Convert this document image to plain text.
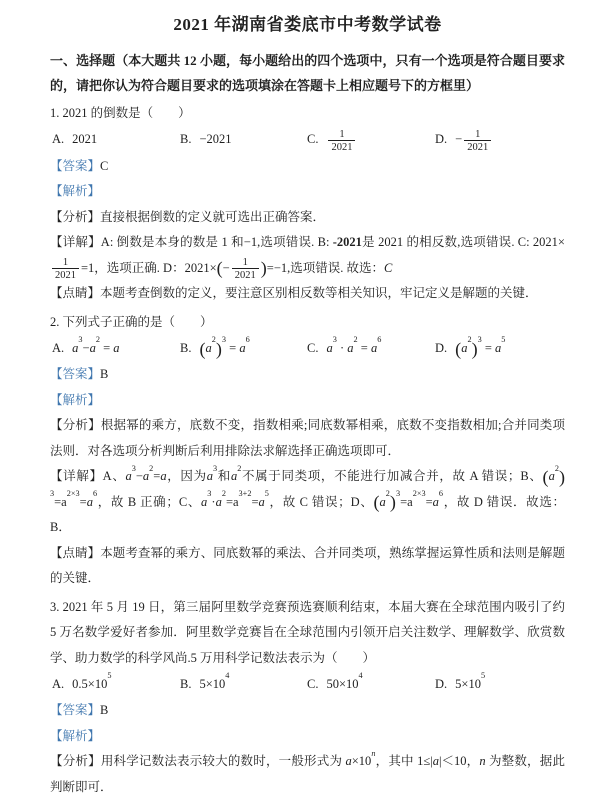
2021 年湖南省娄底市中考数学试卷

一、选择题（本大题共 12 小题，每小题给出的四个选项中，只有一个选项是符合题目要求的，请把你认为符合题目要求的选项填涂在答题卡上相应题号下的方框里）

1. 2021 的倒数是（　　）

A. 2021	B. −2021	C. $\frac{1}{2021}$	D. − $\frac{1}{2021}$

【答案】C

【解析】

【分析】直接根据倒数的定义就可选出正确答案．

【详解】A: 倒数是本身的数是 1 和−1,选项错误. B: -2021是 2021 的相反数,选项错误. C: 2021×
$\frac{1}{2021} =1$，选项正确. D：$2021\times(- \frac{1}{2021} )=-1$,选项错误. 故选：C

【点睛】本题考查倒数的定义，要注意区别相反数等相关知识，牢记定义是解题的关键．

2. 下列式子正确的是（　　）

A. $a^3-a^2 = a$	B. $(a^2)^3 = a^6$
C. $a^3 \cdot a^2 = a^6$
D. $(a^2)^3 = a^5$

【答案】B

【解析】

【分析】根据幂的乘方，底数不变，指数相乘;同底数幂相乘，底数不变指数相加;合并同类项法则．对各选项分析判断后利用排除法求解选择正确选项即可．

【详解】A、$a^3-a^2=a$，因为$a^3$和$a^2$不属于同类项，不能进行加减合并，故 A 错误；B、$(a^2)^3=a^{2\times 3}=a^6$，故 B 正确；C、$a^3\cdot a^2=a^{3+2}=a^5$，故 C 错误；D、$(a^2)^3=a^{2\times 3}=a^6$，故 D 错误．故选：B．

【点睛】本题考查幂的乘方、同底数幂的乘法、合并同类项，熟练掌握运算性质和法则是解题的关键．

3. 2021 年 5 月 19 日，第三届阿里数学竞赛预选赛顺利结束，本届大赛在全球范围内吸引了约 5 万名数学爱好者参加．阿里数学竞赛旨在全球范围内引领开启关注数学、理解数学、欣赏数学、助力数学的科学风尚.5 万用科学记数法表示为（　　）

A. $0.5\times 10^5$
B. $5\times 10^4$
C. $50\times 10^4$
D. $5\times 10^5$

【答案】B

【解析】

【分析】用科学记数法表示较大的数时，一般形式为 $a\times 10^n$，其中 1≤|a|＜10，n 为整数，据此判断即可．
